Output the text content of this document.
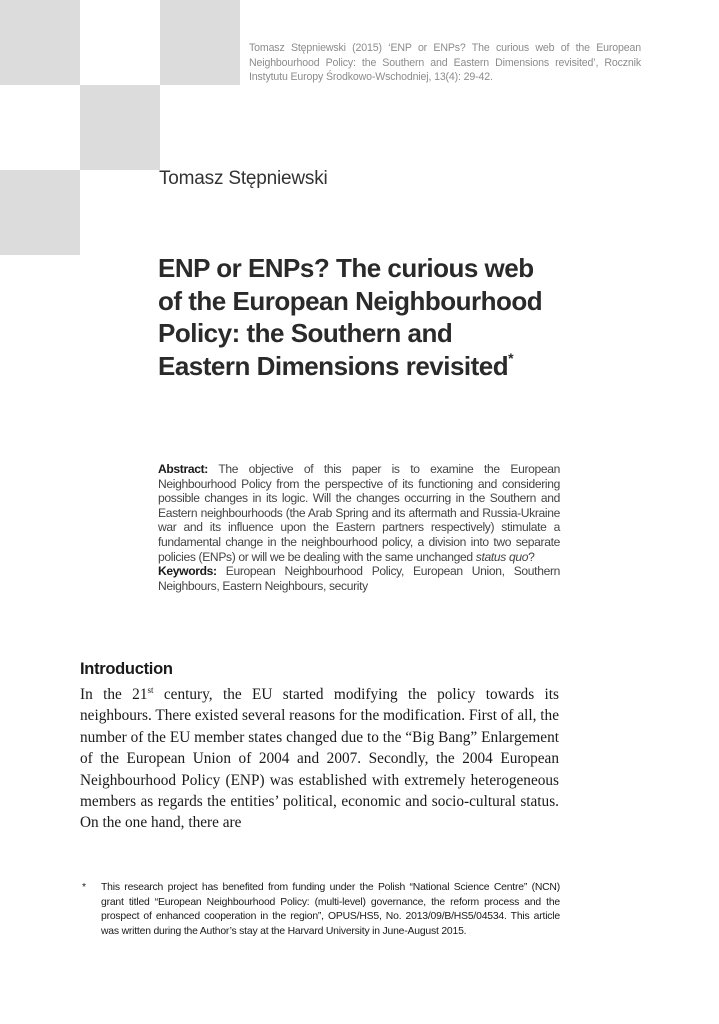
Tomasz Stępniewski (2015) ‘ENP or ENPs? The curious web of the European Neighbourhood Policy: the Southern and Eastern Dimensions revisited’, Rocznik Instytutu Europy Środkowo-Wschodniej, 13(4): 29-42.
Tomasz Stępniewski
ENP or ENPs? The curious web
of the European Neighbourhood
Policy: the Southern and
Eastern Dimensions revisited*

Abstract: The objective of this paper is to examine the European Neighbourhood Policy from the perspective of its functioning and considering possible changes in its logic. Will the changes occurring in the Southern and Eastern neighbourhoods (the Arab Spring and its aftermath and Russia-Ukraine war and its influence upon the Eastern partners respectively) stimulate a fundamental change in the neighbourhood policy, a division into two separate policies (ENPs) or will we be dealing with the same unchanged status quo?

Keywords: European Neighbourhood Policy, European Union, Southern Neighbours, Eastern Neighbours, security

Introduction

In the 21st century, the EU started modifying the policy towards its neighbours. There existed several reasons for the modification. First of all, the number of the EU member states changed due to the “Big Bang” Enlargement of the European Union of 2004 and 2007. Secondly, the 2004 European Neighbourhood Policy (ENP) was established with extremely heterogeneous members as regards the entities’ political, economic and socio-cultural status. On the one hand, there are

* This research project has benefited from funding under the Polish “National Science Centre” (NCN) grant titled “European Neighbourhood Policy: (multi-level) governance, the reform process and the prospect of enhanced cooperation in the region”, OPUS/HS5, No. 2013/09/B/HS5/04534. This article was written during the Author’s stay at the Harvard University in June-August 2015.
